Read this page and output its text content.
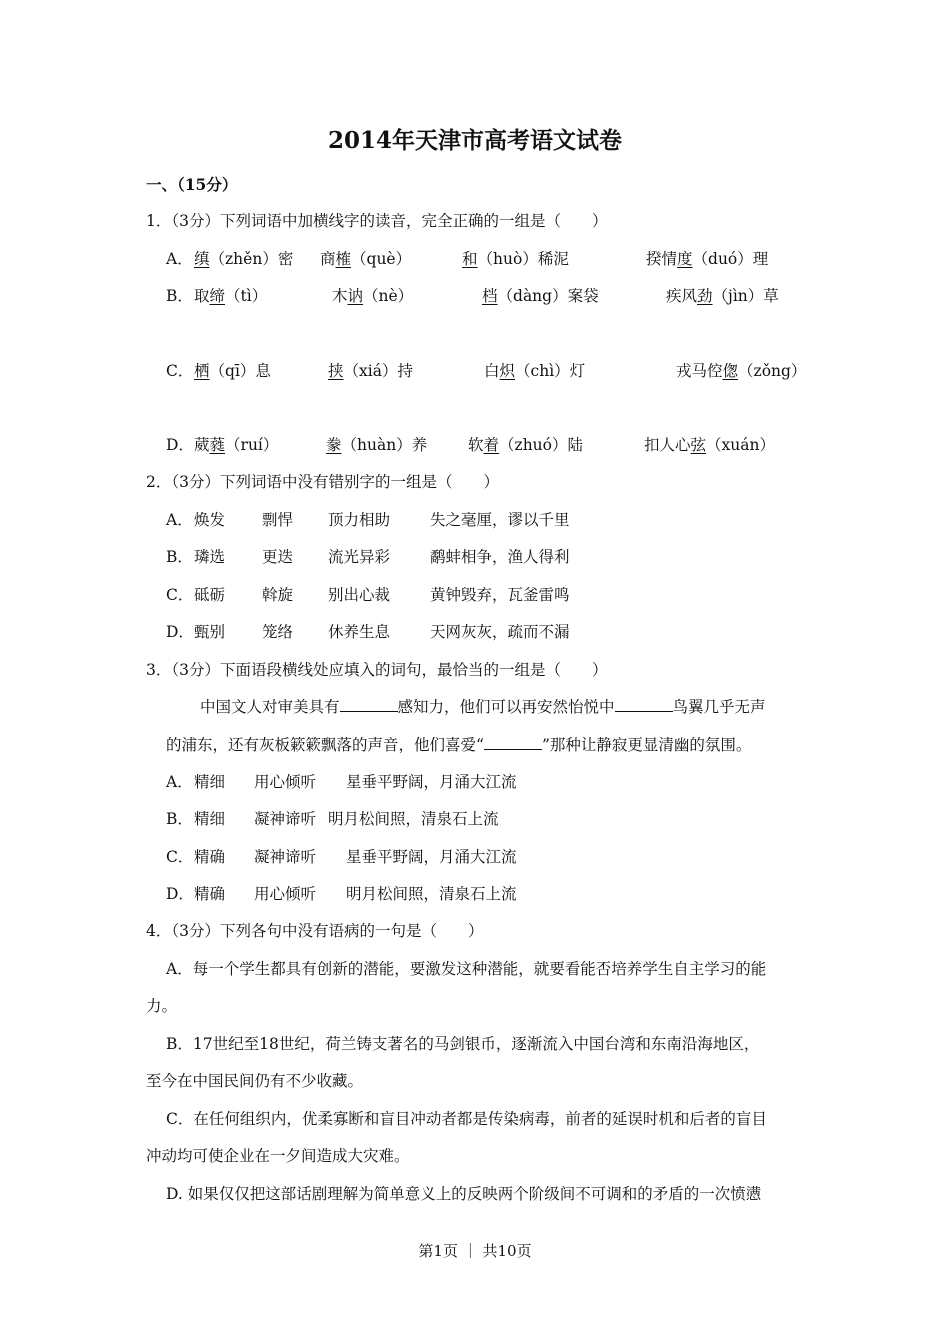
2014年天津市高考语文试卷
一、（15分）
1．（3分）下列词语中加横线字的读音，完全正确的一组是（　　）
A． 缜（zhěn）密 商榷（què）	和（huò）稀泥	揆情度（duó）理
B． 取缔（tì）	木讷（nè）	档（dàng）案袋	疾风劲（jìn）草
C． 栖（qī）息	挟（xiá）持	白炽（chì）灯	戎马倥偬（zǒng）
D． 葳蕤（ruí）	豢（huàn）养	软着（zhuó）陆	扣人心弦（xuán）
2．（3分）下列词语中没有错别字的一组是（　　）
A． 焕发 剽悍 顶力相助	失之毫厘，谬以千里
B． 璘选 更迭 流光异彩	鹬蚌相争，渔人得利
C． 砥砺 斡旋 别出心裁	黄钟毁弃，瓦釜雷鸣
D． 甄别 笼络 休养生息	天网灰灰，疏而不漏
3．（3分）下面语段横线处应填入的词句，最恰当的一组是（　　）
中国文人对审美具有	感知力，他们可以再安然怡悦中	鸟翼几乎无声
的浦东，还有灰板簌簌飘落的声音，他们喜爱“	”那种让静寂更显清幽的氛围。
A． 精细 用心倾听 星垂平野阔，月涌大江流
B． 精细 凝神谛听 明月松间照，清泉石上流
C． 精确 凝神谛听 星垂平野阔，月涌大江流
D． 精确 用心倾听 明月松间照，清泉石上流
4．（3分）下列各句中没有语病的一句是（　　）
A．每一个学生都具有创新的潜能，要激发这种潜能，就要看能否培养学生自主学习的能
力。
B．17世纪至18世纪，荷兰铸支著名的马剑银币，逐渐流入中国台湾和东南沿海地区，
至今在中国民间仍有不少收藏。
C．在任何组织内，优柔寡断和盲目冲动者都是传染病毒，前者的延误时机和后者的盲目
冲动均可使企业在一夕间造成大灾难。
D. 如果仅仅把这部话剧理解为简单意义上的反映两个阶级间不可调和的矛盾的一次愤懑
第1页 ｜ 共10页
